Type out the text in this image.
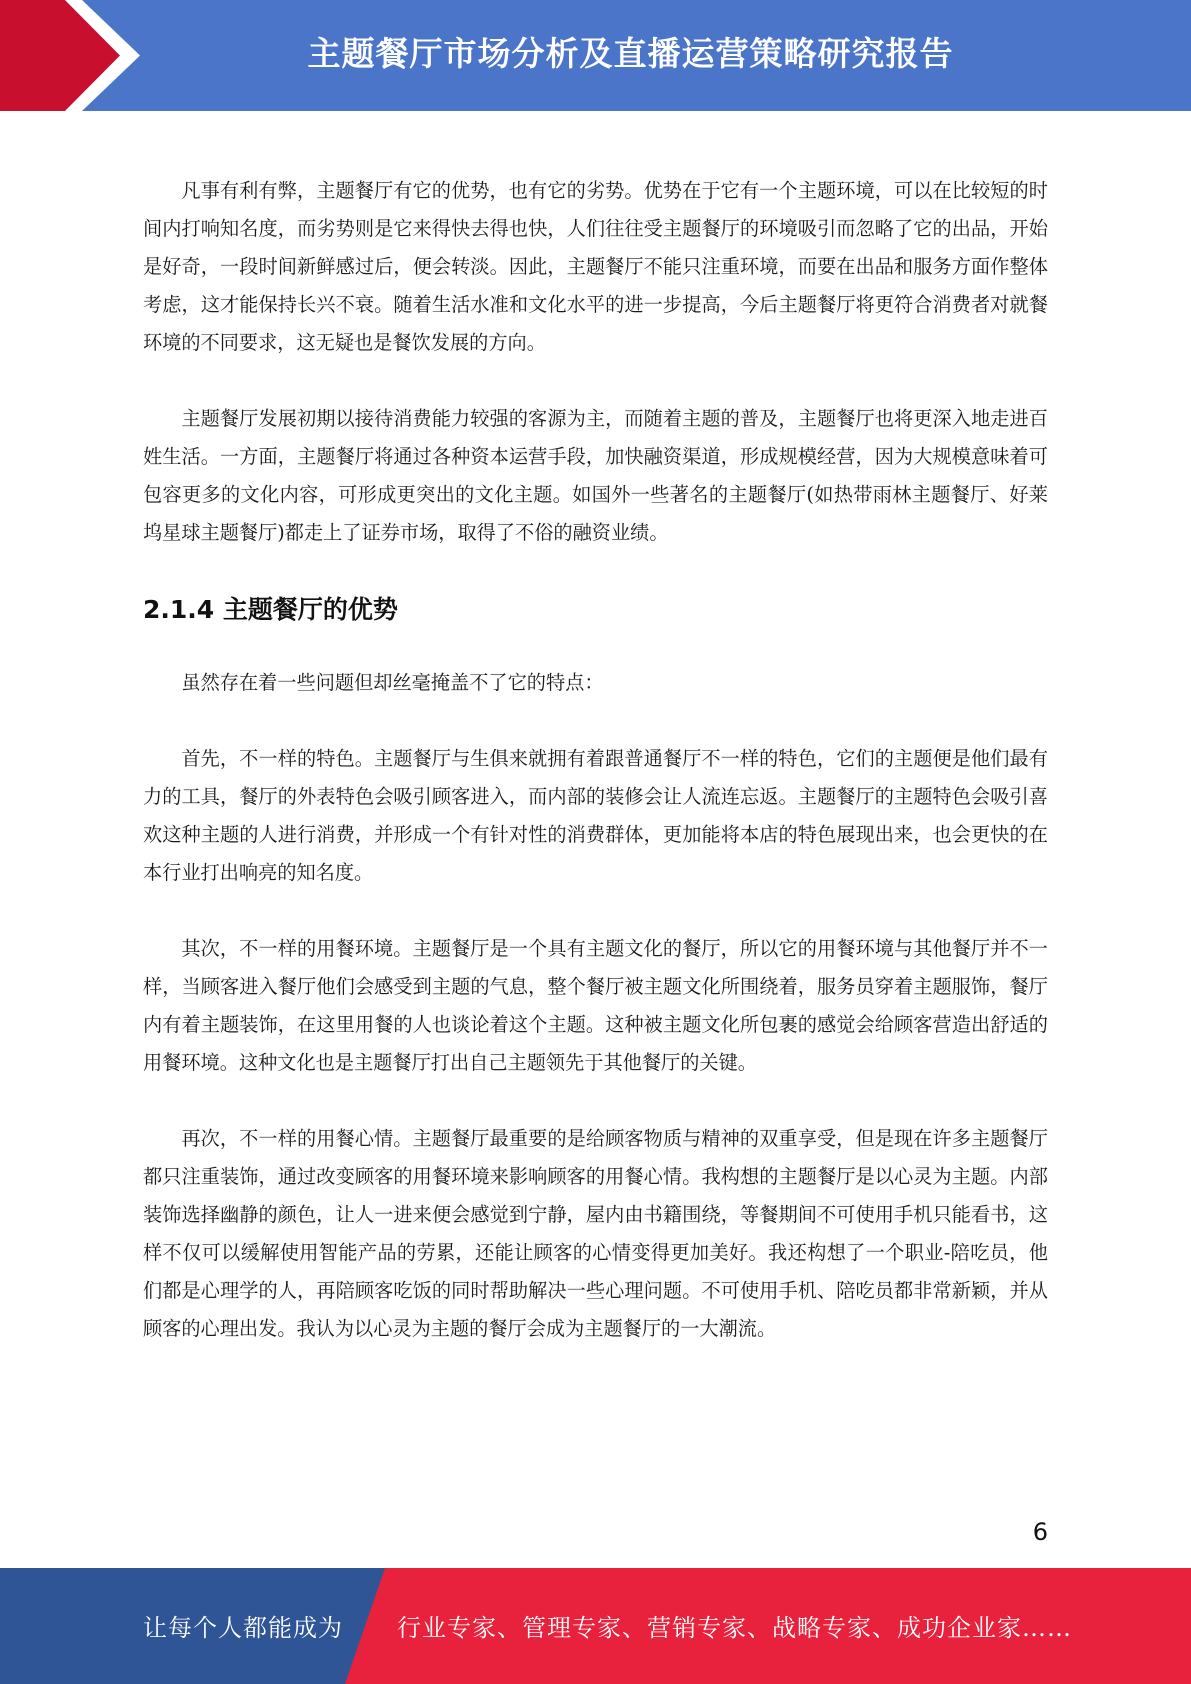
主题餐厅市场分析及直播运营策略研究报告

凡事有利有弊，主题餐厅有它的优势，也有它的劣势。优势在于它有一个主题环境，可以在比较短的时间内打响知名度，而劣势则是它来得快去得也快，人们往往受主题餐厅的环境吸引而忽略了它的出品，开始是好奇，一段时间新鲜感过后，便会转淡。因此，主题餐厅不能只注重环境，而要在出品和服务方面作整体考虑，这才能保持长兴不衰。随着生活水准和文化水平的进一步提高，今后主题餐厅将更符合消费者对就餐环境的不同要求，这无疑也是餐饮发展的方向。

主题餐厅发展初期以接待消费能力较强的客源为主，而随着主题的普及，主题餐厅也将更深入地走进百姓生活。一方面，主题餐厅将通过各种资本运营手段，加快融资渠道，形成规模经营，因为大规模意味着可包容更多的文化内容，可形成更突出的文化主题。如国外一些著名的主题餐厅(如热带雨林主题餐厅、好莱坞星球主题餐厅)都走上了证券市场，取得了不俗的融资业绩。

2.1.4 主题餐厅的优势

虽然存在着一些问题但却丝毫掩盖不了它的特点：

首先，不一样的特色。主题餐厅与生俱来就拥有着跟普通餐厅不一样的特色，它们的主题便是他们最有力的工具，餐厅的外表特色会吸引顾客进入，而内部的装修会让人流连忘返。主题餐厅的主题特色会吸引喜欢这种主题的人进行消费，并形成一个有针对性的消费群体，更加能将本店的特色展现出来，也会更快的在本行业打出响亮的知名度。

其次，不一样的用餐环境。主题餐厅是一个具有主题文化的餐厅，所以它的用餐环境与其他餐厅并不一样，当顾客进入餐厅他们会感受到主题的气息，整个餐厅被主题文化所围绕着，服务员穿着主题服饰，餐厅内有着主题装饰，在这里用餐的人也谈论着这个主题。这种被主题文化所包裹的感觉会给顾客营造出舒适的用餐环境。这种文化也是主题餐厅打出自己主题领先于其他餐厅的关键。

再次，不一样的用餐心情。主题餐厅最重要的是给顾客物质与精神的双重享受，但是现在许多主题餐厅都只注重装饰，通过改变顾客的用餐环境来影响顾客的用餐心情。我构想的主题餐厅是以心灵为主题。内部装饰选择幽静的颜色，让人一进来便会感觉到宁静，屋内由书籍围绕，等餐期间不可使用手机只能看书，这样不仅可以缓解使用智能产品的劳累，还能让顾客的心情变得更加美好。我还构想了一个职业-陪吃员，他们都是心理学的人，再陪顾客吃饭的同时帮助解决一些心理问题。不可使用手机、陪吃员都非常新颖，并从顾客的心理出发。我认为以心灵为主题的餐厅会成为主题餐厅的一大潮流。

6
让每个人都能成为 行业专家、管理专家、营销专家、战略专家、成功企业家……
